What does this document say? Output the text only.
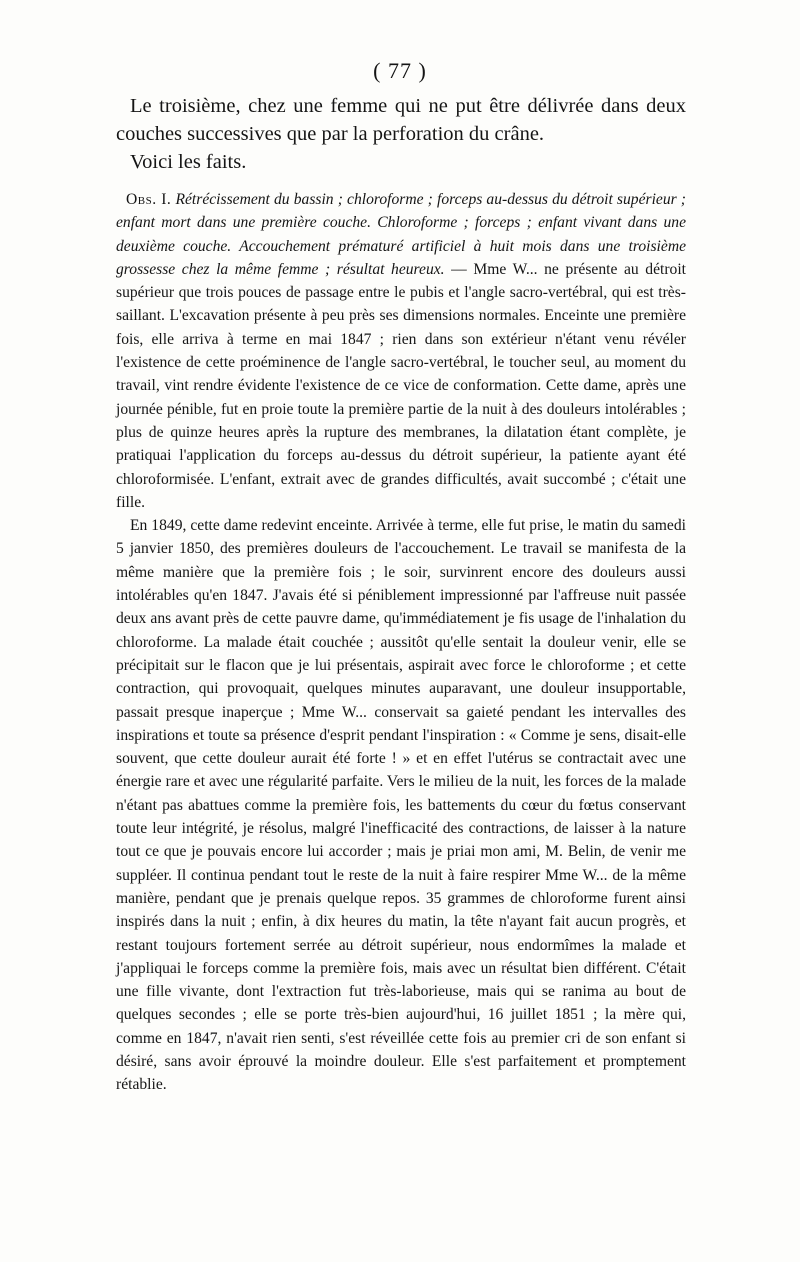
( 77 )

Le troisième, chez une femme qui ne put être délivrée dans deux couches successives que par la perforation du crâne.

Voici les faits.

Obs. I. Rétrécissement du bassin ; chloroforme ; forceps au-dessus du détroit supérieur ; enfant mort dans une première couche. Chloroforme ; forceps ; enfant vivant dans une deuxième couche. Accouchement prématuré artificiel à huit mois dans une troisième grossesse chez la même femme ; résultat heureux. — Mme W... ne présente au détroit supérieur que trois pouces de passage entre le pubis et l'angle sacro-vertébral, qui est très-saillant. L'excavation présente à peu près ses dimensions normales. Enceinte une première fois, elle arriva à terme en mai 1847 ; rien dans son extérieur n'étant venu révéler l'existence de cette proéminence de l'angle sacro-vertébral, le toucher seul, au moment du travail, vint rendre évidente l'existence de ce vice de conformation. Cette dame, après une journée pénible, fut en proie toute la première partie de la nuit à des douleurs intolérables ; plus de quinze heures après la rupture des membranes, la dilatation étant complète, je pratiquai l'application du forceps au-dessus du détroit supérieur, la patiente ayant été chloroformisée. L'enfant, extrait avec de grandes difficultés, avait succombé ; c'était une fille.

En 1849, cette dame redevint enceinte. Arrivée à terme, elle fut prise, le matin du samedi 5 janvier 1850, des premières douleurs de l'accouchement. Le travail se manifesta de la même manière que la première fois ; le soir, survinrent encore des douleurs aussi intolérables qu'en 1847. J'avais été si péniblement impressionné par l'affreuse nuit passée deux ans avant près de cette pauvre dame, qu'immédiatement je fis usage de l'inhalation du chloroforme. La malade était couchée ; aussitôt qu'elle sentait la douleur venir, elle se précipitait sur le flacon que je lui présentais, aspirait avec force le chloroforme ; et cette contraction, qui provoquait, quelques minutes auparavant, une douleur insupportable, passait presque inaperçue ; Mme W... conservait sa gaieté pendant les intervalles des inspirations et toute sa présence d'esprit pendant l'inspiration : « Comme je sens, disait-elle souvent, que cette douleur aurait été forte ! » et en effet l'utérus se contractait avec une énergie rare et avec une régularité parfaite. Vers le milieu de la nuit, les forces de la malade n'étant pas abattues comme la première fois, les battements du cœur du fœtus conservant toute leur intégrité, je résolus, malgré l'inefficacité des contractions, de laisser à la nature tout ce que je pouvais encore lui accorder ; mais je priai mon ami, M. Belin, de venir me suppléer. Il continua pendant tout le reste de la nuit à faire respirer Mme W... de la même manière, pendant que je prenais quelque repos. 35 grammes de chloroforme furent ainsi inspirés dans la nuit ; enfin, à dix heures du matin, la tête n'ayant fait aucun progrès, et restant toujours fortement serrée au détroit supérieur, nous endormîmes la malade et j'appliquai le forceps comme la première fois, mais avec un résultat bien différent. C'était une fille vivante, dont l'extraction fut très-laborieuse, mais qui se ranima au bout de quelques secondes ; elle se porte très-bien aujourd'hui, 16 juillet 1851 ; la mère qui, comme en 1847, n'avait rien senti, s'est réveillée cette fois au premier cri de son enfant si désiré, sans avoir éprouvé la moindre douleur. Elle s'est parfaitement et promptement rétablie.
